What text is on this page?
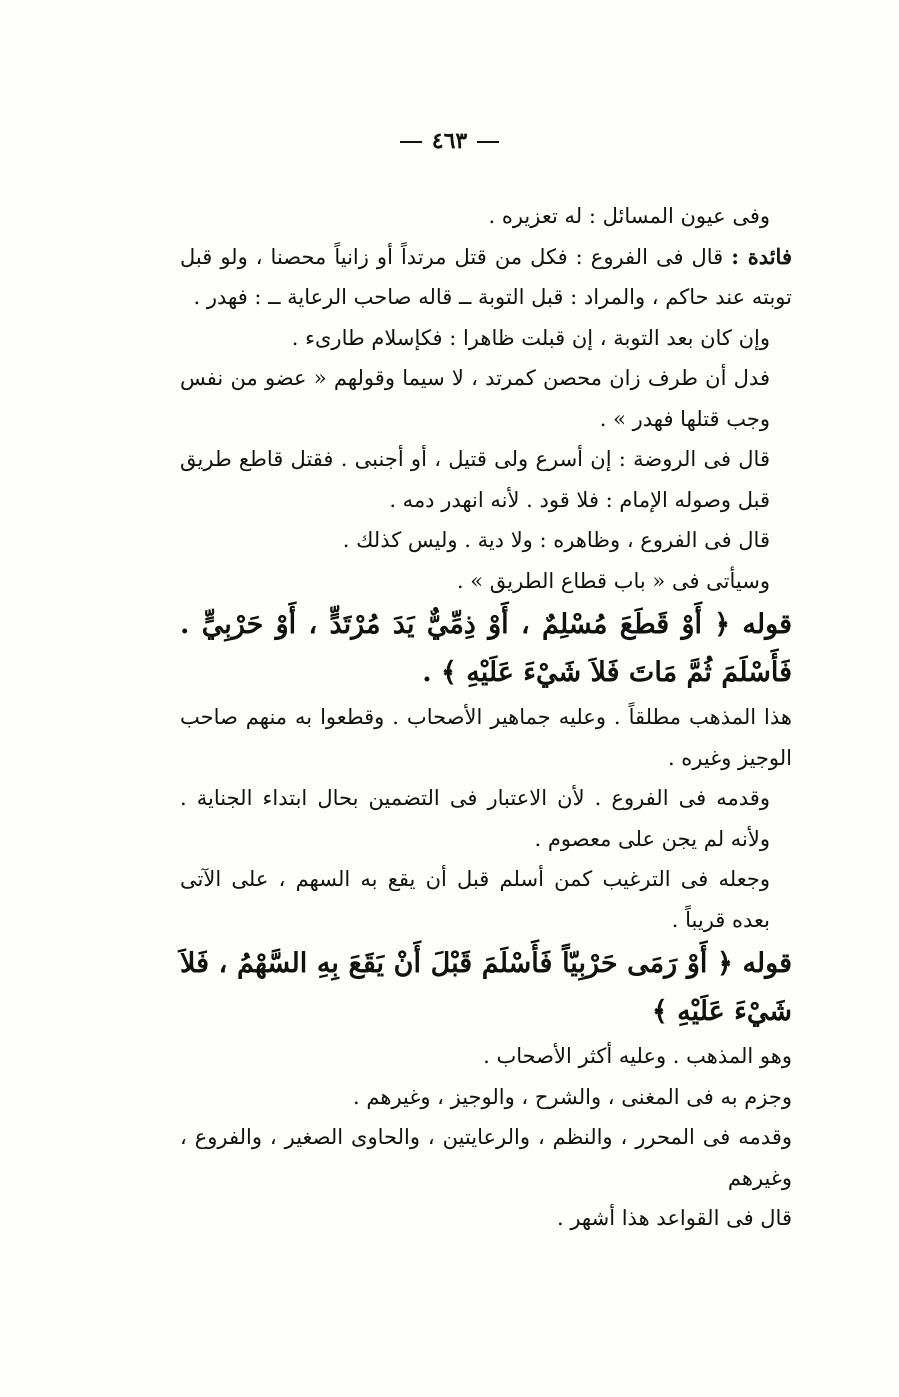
٤٦٣

وفى عيون المسائل : له تعزيره .

فائدة : قال فى الفروع : فكل من قتل مرتداً أو زانياً محصنا ، ولو قبل توبته عند حاكم ، والمراد : قبل التوبة ــ قاله صاحب الرعاية ــ : فهدر .

وإن كان بعد التوبة ، إن قبلت ظاهرا : فكإسلام طارىء .

فدل أن طرف زان محصن كمرتد ، لا سيما وقولهم « عضو من نفس وجب قتلها فهدر » .

قال فى الروضة : إن أسرع ولى قتيل ، أو أجنبى . فقتل قاطع طريق قبل وصوله الإمام : فلا قود . لأنه انهدر دمه .

قال فى الفروع ، وظاهره : ولا دية . وليس كذلك .

وسيأتى فى « باب قطاع الطريق » .

قوله ﴿ أَوْ قَطَعَ مُسْلِمٌ ، أَوْ ذِمِّيٌّ يَدَ مُرْتَدٍّ ، أَوْ حَرْبِيٍّ . فَأَسْلَمَ ثُمَّ مَاتَ فَلاَ شَيْءَ عَلَيْهِ ﴾ .

هذا المذهب مطلقاً . وعليه جماهير الأصحاب . وقطعوا به منهم صاحب الوجيز وغيره .

وقدمه فى الفروع . لأن الاعتبار فى التضمين بحال ابتداء الجناية . ولأنه لم يجن على معصوم .

وجعله فى الترغيب كمن أسلم قبل أن يقع به السهم ، على الآتى بعده قريباً .

قوله ﴿ أَوْ رَمَى حَرْبِيّاً فَأَسْلَمَ قَبْلَ أَنْ يَقَعَ بِهِ السَّهْمُ ، فَلاَ شَيْءَ عَلَيْهِ ﴾

وهو المذهب . وعليه أكثر الأصحاب .

وجزم به فى المغنى ، والشرح ، والوجيز ، وغيرهم .

وقدمه فى المحرر ، والنظم ، والرعايتين ، والحاوى الصغير ، والفروع ، وغيرهم

قال فى القواعد هذا أشهر .
